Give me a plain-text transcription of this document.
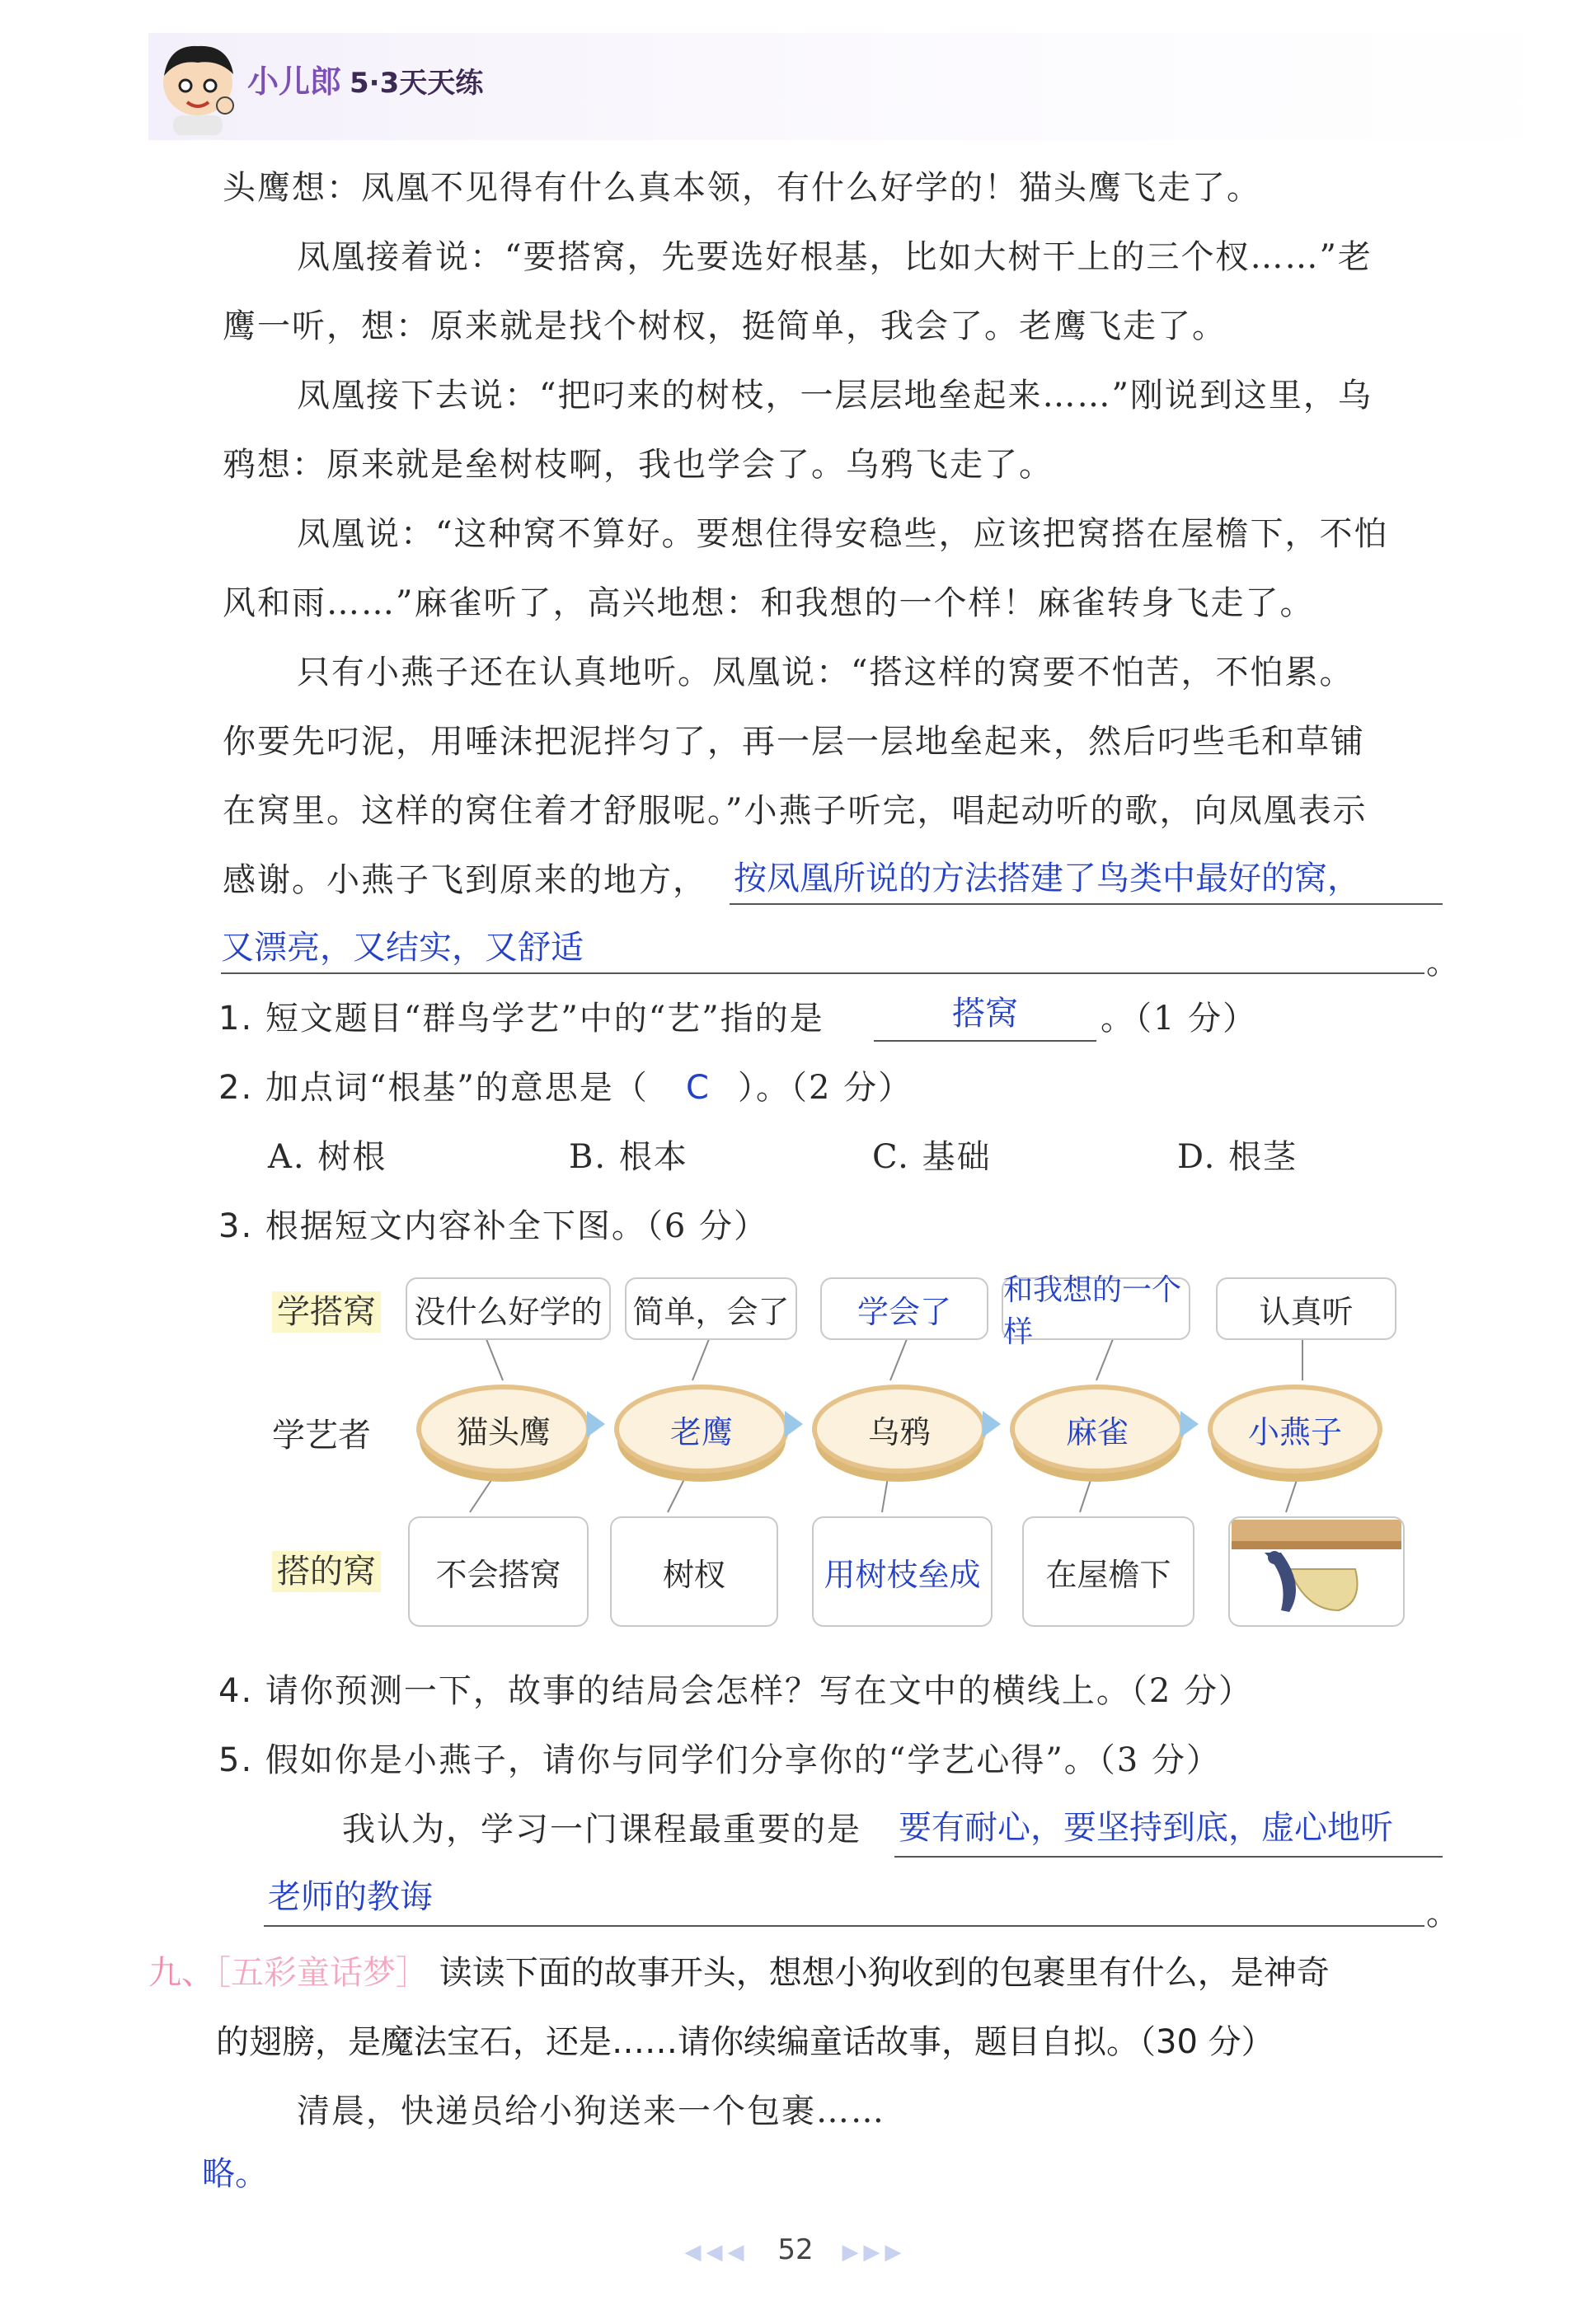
小儿郎 5·3天天练
头鹰想：凤凰不见得有什么真本领，有什么好学的！猫头鹰飞走了。
凤凰接着说：“要搭窝，先要选好根基，比如大树干上的三个杈……”老
鹰一听，想：原来就是找个树杈，挺简单，我会了。老鹰飞走了。
凤凰接下去说：“把叼来的树枝，一层层地垒起来……”刚说到这里，乌
鸦想：原来就是垒树枝啊，我也学会了。乌鸦飞走了。
凤凰说：“这种窝不算好。要想住得安稳些，应该把窝搭在屋檐下，不怕
风和雨……”麻雀听了，高兴地想：和我想的一个样！麻雀转身飞走了。
只有小燕子还在认真地听。凤凰说：“搭这样的窝要不怕苦，不怕累。
你要先叼泥，用唾沫把泥拌匀了，再一层一层地垒起来，然后叼些毛和草铺
在窝里。这样的窝住着才舒服呢。”小燕子听完，唱起动听的歌，向凤凰表示
感谢。小燕子飞到原来的地方， 按凤凰所说的方法搭建了鸟类中最好的窝，
又漂亮，又结实，又舒适	。
1. 短文题目“群鸟学艺”中的“艺”指的是	搭窝	。（1 分）
2. 加点词“根基”的意思是（ C ）。（2 分）
A. 树根	B. 根本	C. 基础	D. 根茎
3. 根据短文内容补全下图。（6 分）
学搭窝
学艺者
搭的窝
没什么好学的 简单，会了	学会了
和我想的一个样
认真听
猫头鹰	老鹰	乌鸦	麻雀	小燕子
不会搭窝	树杈	用树枝垒成	在屋檐下
4. 请你预测一下，故事的结局会怎样？写在文中的横线上。（2 分）
5. 假如你是小燕子，请你与同学们分享你的“学艺心得”。（3 分）
我认为，学习一门课程最重要的是 要有耐心，要坚持到底，虚心地听
老师的教诲	。
九、［五彩童话梦］ 读读下面的故事开头，想想小狗收到的包裹里有什么，是神奇
的翅膀，是魔法宝石，还是……请你续编童话故事，题目自拟。（30 分）
清晨，快递员给小狗送来一个包裹……
略。
◀◀◀ 52 ▶▶▶
